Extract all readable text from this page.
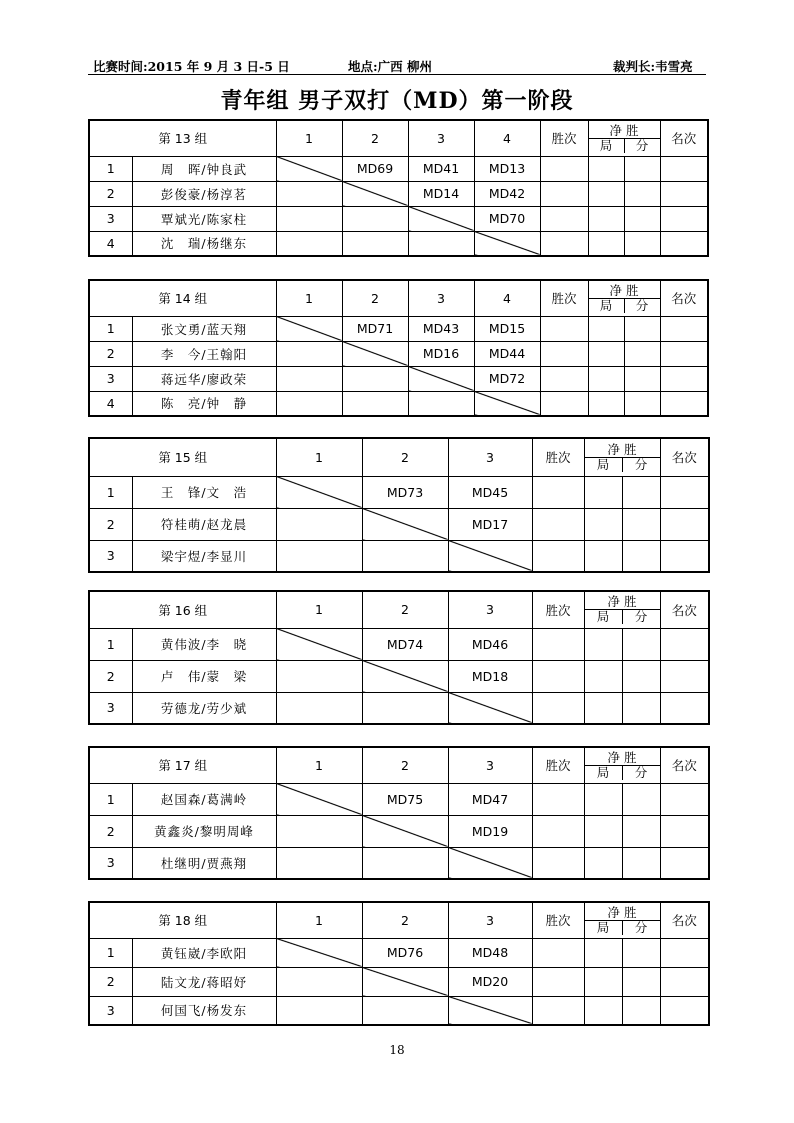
比赛时间:2015 年 9 月 3 日-5 日	地点:广西 柳州	裁判长:韦雪亮
青年组 男子双打（MD）第一阶段
第 13 组		1	2	3	4	胜次	净 胜
局 分		名次
1	周　晖/钟良武		MD69	MD41	MD13				
2	彭俊豪/杨淳茗			MD14	MD42				
3	覃斌光/陈家柱				MD70				
4	沈　瑞/杨继东								
第 14 组		1	2	3	4	胜次	净 胜
局 分		名次
1	张文勇/蓝天翔		MD71	MD43	MD15				
2	李　今/王翰阳			MD16	MD44				
3	蒋远华/廖政荣				MD72				
4	陈　亮/钟　静								
第 15 组		1	2	3	胜次	净 胜
局 分		名次
1	王　锋/文　浩		MD73	MD45				
2	符桂萌/赵龙晨			MD17				
3	梁宇煜/李显川							
第 16 组		1	2	3	胜次	净 胜
局 分		名次
1	黄伟波/李　晓		MD74	MD46				
2	卢　伟/蒙　梁			MD18				
3	劳德龙/劳少斌							
第 17 组		1	2	3	胜次	净 胜
局 分		名次
1	赵国森/葛满岭		MD75	MD47				
2	黄鑫炎/黎明周峰			MD19				
3	杜继明/贾燕翔							
第 18 组		1	2	3	胜次	净 胜
局 分		名次
1	黄钰崴/李欧阳		MD76	MD48				
2	陆文龙/蒋昭妤			MD20				
3	何国飞/杨发东							
18
